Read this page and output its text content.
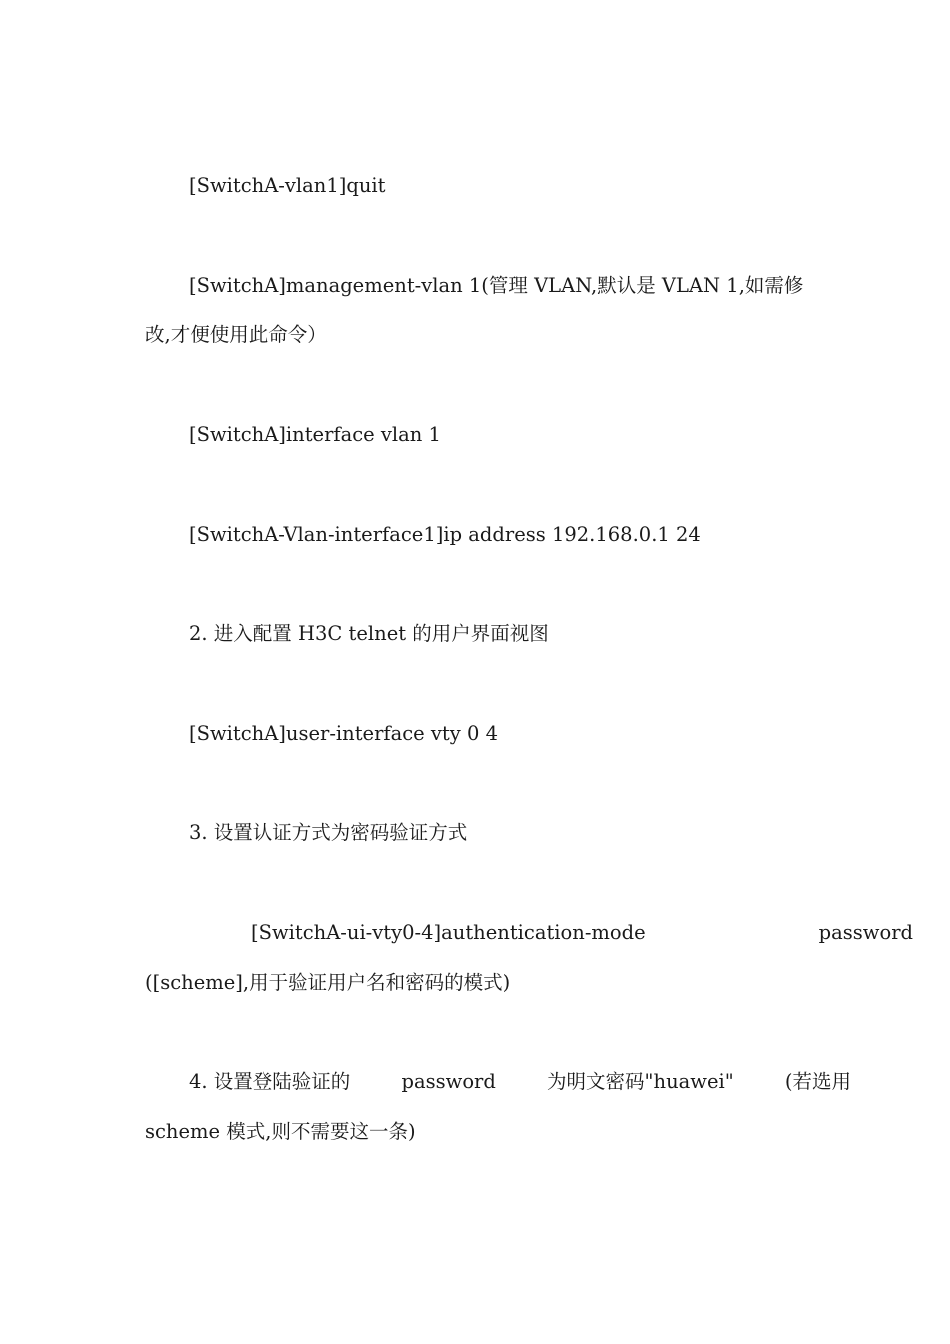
[SwitchA-vlan1]quit
[SwitchA]management-vlan 1(管理 VLAN,默认是 VLAN 1,如需修
改,才便使用此命令）
[SwitchA]interface vlan 1
[SwitchA-Vlan-interface1]ip address 192.168.0.1 24
2. 进入配置 H3C telnet 的用户界面视图
[SwitchA]user-interface vty 0 4
3. 设置认证方式为密码验证方式
[SwitchA-ui-vty0-4]authentication-mode	password
([scheme],用于验证用户名和密码的模式)
4. 设置登陆验证的	password	为明文密码"huawei"	(若选用
scheme 模式,则不需要这一条)
